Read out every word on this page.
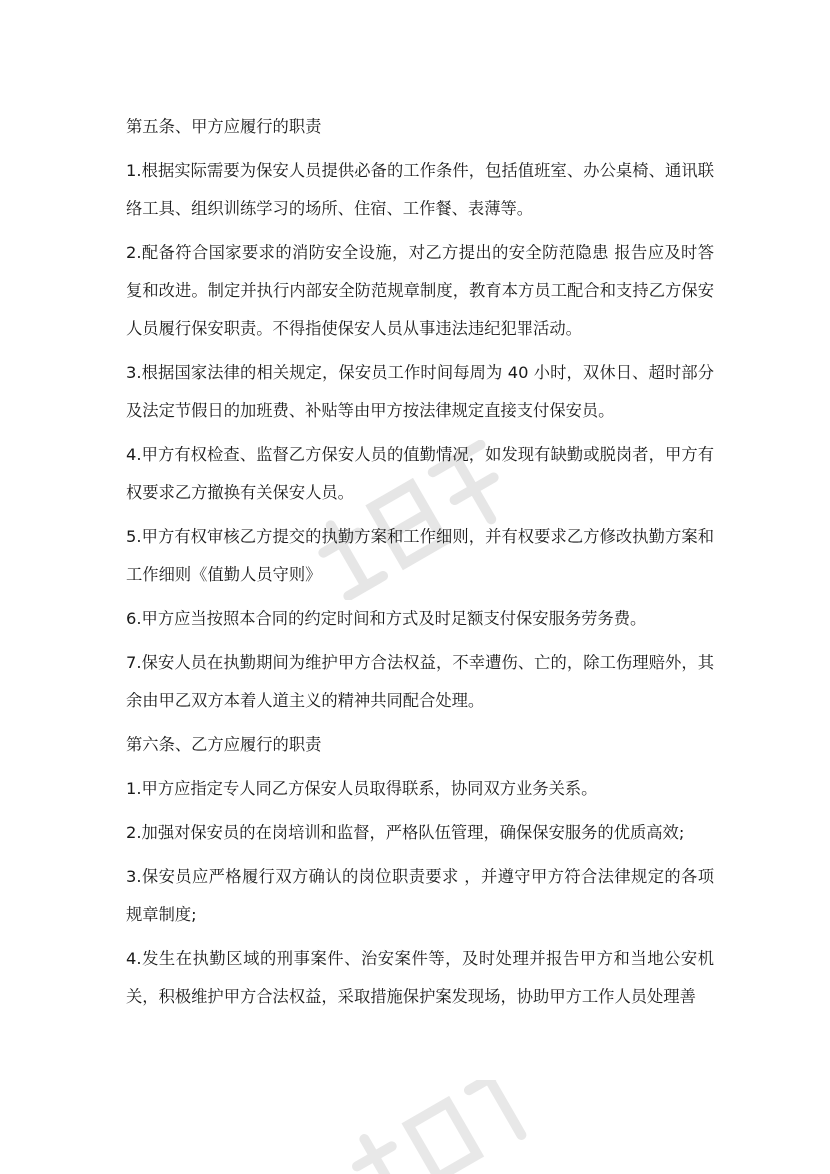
第五条、甲方应履行的职责

1.根据实际需要为保安人员提供必备的工作条件，包括值班室、办公桌椅、通讯联络工具、组织训练学习的场所、住宿、工作餐、表薄等。

2.配备符合国家要求的消防安全设施，对乙方提出的安全防范隐患 报告应及时答复和改进。制定并执行内部安全防范规章制度，教育本方员工配合和支持乙方保安人员履行保安职责。不得指使保安人员从事违法违纪犯罪活动。

3.根据国家法律的相关规定，保安员工作时间每周为 40 小时，双休日、超时部分及法定节假日的加班费、补贴等由甲方按法律规定直接支付保安员。

4.甲方有权检查、监督乙方保安人员的值勤情况，如发现有缺勤或脱岗者，甲方有权要求乙方撤换有关保安人员。

5.甲方有权审核乙方提交的执勤方案和工作细则，并有权要求乙方修改执勤方案和工作细则《值勤人员守则》

6.甲方应当按照本合同的约定时间和方式及时足额支付保安服务劳务费。

7.保安人员在执勤期间为维护甲方合法权益，不幸遭伤、亡的，除工伤理赔外，其余由甲乙双方本着人道主义的精神共同配合处理。

第六条、乙方应履行的职责

1.甲方应指定专人同乙方保安人员取得联系，协同双方业务关系。

2.加强对保安员的在岗培训和监督，严格队伍管理，确保保安服务的优质高效;

3.保安员应严格履行双方确认的岗位职责要求 ，并遵守甲方符合法律规定的各项规章制度;

4.发生在执勤区域的刑事案件、治安案件等，及时处理并报告甲方和当地公安机关，积极维护甲方合法权益，采取措施保护案发现场，协助甲方工作人员处理善
